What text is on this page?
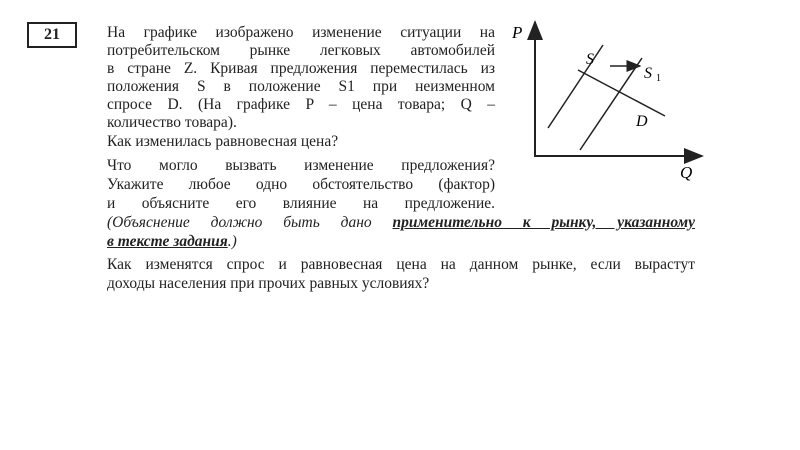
21	На графике изображено изменение ситуации на
потребительском рынке легковых автомобилей
в стране Z. Кривая предложения переместилась из
положения S в положение S1 при неизменном
спросе D. (На графике P – цена товара; Q –
количество товара).
Как изменилась равновесная цена?
Что могло вызвать изменение предложения?
Укажите любое одно обстоятельство (фактор)
и объясните его влияние на предложение.
(Объяснение должно быть дано применительно к рынку, указанному
в тексте задания.)
Как изменятся спрос и равновесная цена на данном рынке, если вырастут
доходы населения при прочих равных условиях?
P
Q
S
S 1
D
